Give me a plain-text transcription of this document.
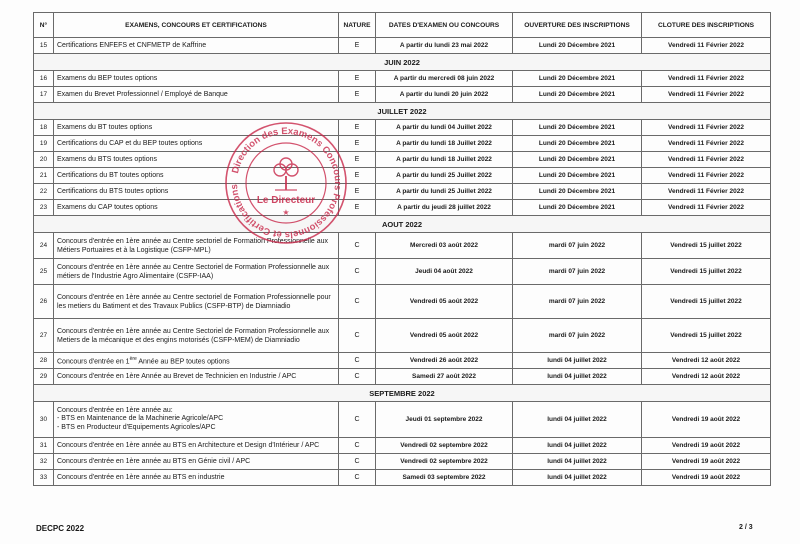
N°	EXAMENS, CONCOURS ET CERTIFICATIONS	NATURE	DATES D'EXAMEN OU CONCOURS	OUVERTURE DES INSCRIPTIONS	CLOTURE DES INSCRIPTIONS
15	Certifications ENFEFS et CNFMETP de Kaffrine	E	A partir du lundi 23 mai 2022	Lundi 20 Décembre 2021	Vendredi 11 Février 2022
JUIN 2022					
16	Examens du BEP toutes options	E	A partir du mercredi 08 juin 2022	Lundi 20 Décembre 2021	Vendredi 11 Février 2022
17	Examen du Brevet Professionnel / Employé de Banque	E	A partir du lundi 20 juin 2022	Lundi 20 Décembre 2021	Vendredi 11 Février 2022
JUILLET 2022					
18	Examens du BT toutes options	E	A partir du lundi 04 Juillet 2022	Lundi 20 Décembre 2021	Vendredi 11 Février 2022
19	Certifications du CAP et du BEP toutes options	E	A partir du lundi 18 Juillet 2022	Lundi 20 Décembre 2021	Vendredi 11 Février 2022
20	Examens du BTS toutes options	E	A partir du lundi 18 Juillet 2022	Lundi 20 Décembre 2021	Vendredi 11 Février 2022
21	Certifications du BT toutes options	E	A partir du lundi 25 Juillet 2022	Lundi 20 Décembre 2021	Vendredi 11 Février 2022
22	Certifications du BTS toutes options	E	A partir du lundi 25 Juillet 2022	Lundi 20 Décembre 2021	Vendredi 11 Février 2022
23	Examens du CAP toutes options	E	A partir du jeudi 28 juillet 2022	Lundi 20 Décembre 2021	Vendredi 11 Février 2022
AOUT 2022					
24	Concours d'entrée en 1ère année au Centre sectoriel de Formation Professionnelle aux Métiers Portuaires et à la Logistique (CSFP-MPL)	C	Mercredi 03 août 2022	mardi 07 juin 2022	Vendredi 15 juillet 2022
25	Concours d'entrée en 1ère année au Centre Sectoriel de Formation Professionnelle aux métiers de l'Industrie Agro Alimentaire (CSFP-IAA)	C	Jeudi 04 août 2022	mardi 07 juin 2022	Vendredi 15 juillet 2022
26	Concours d'entrée en 1ère année au Centre sectoriel de Formation Professionnelle pour les metiers du Batiment et des Travaux Publics (CSFP-BTP) de Diamniadio	C	Vendredi 05 août 2022	mardi 07 juin 2022	Vendredi 15 juillet 2022
27	Concours d'entrée en 1ère année au Centre Sectoriel de Formation Professionnelle aux Metiers de la mécanique et des engins motorisés (CSFP-MEM) de Diamniadio	C	Vendredi 05 août 2022	mardi 07 juin 2022	Vendredi 15 juillet 2022
28	Concours d'entrée en 1ère Année au BEP toutes options	C	Vendredi 26 août 2022	lundi 04 juillet 2022	Vendredi 12 août 2022
29	Concours d'entrée en 1ère Année au Brevet de Technicien en Industrie / APC	C	Samedi 27 août 2022	lundi 04 juillet 2022	Vendredi 12 août 2022
SEPTEMBRE 2022					
30	Concours d'entrée en 1ère année au:
- BTS en Maintenance de la Machinerie Agricole/APC
- BTS en Producteur d'Equipements Agricoles/APC	C	Jeudi 01 septembre 2022	lundi 04 juillet 2022	Vendredi 19 août 2022
31	Concours d'entrée en 1ère année au BTS en Architecture et Design d'Intérieur / APC	C	Vendredi 02 septembre 2022	lundi 04 juillet 2022	Vendredi 19 août 2022
32	Concours d'entrée en 1ère année au BTS en Génie civil / APC	C	Vendredi 02 septembre 2022	lundi 04 juillet 2022	Vendredi 19 août 2022
33	Concours d'entrée en 1ère année au BTS en industrie	C	Samedi 03 septembre 2022	lundi 04 juillet 2022	Vendredi 19 août 2022
Direction des Examens Concours Professionnels et Certifications
Le Directeur
★
DECPC 2022	2 / 3
